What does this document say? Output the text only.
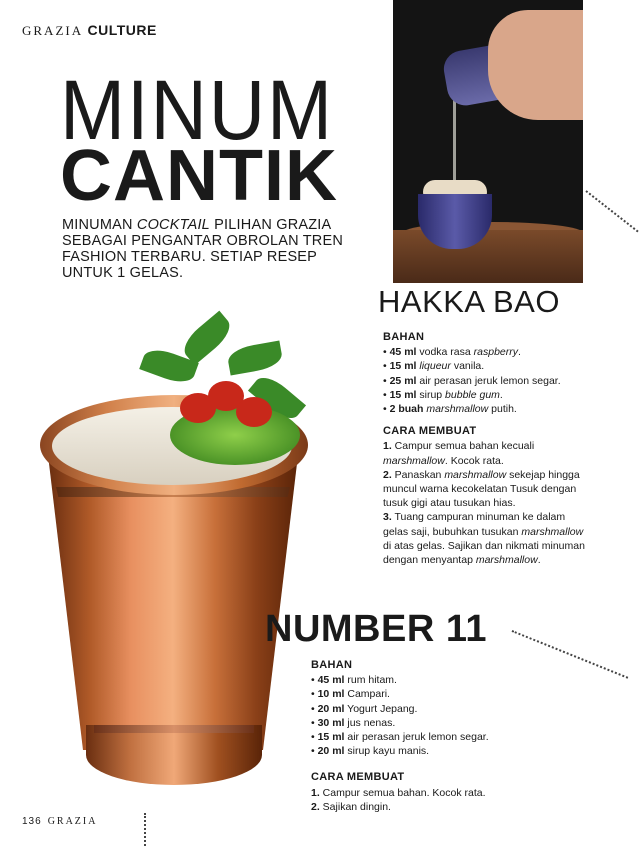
GRAZIA CULTURE
MINUM
CANTIK
MINUMAN COCKTAIL PILIHAN GRAZIA SEBAGAI PENGANTAR OBROLAN TREN FASHION TERBARU. SETIAP RESEP UNTUK 1 GELAS.
HAKKA BAO
BAHAN
• 45 ml vodka rasa raspberry.
• 15 ml liqueur vanila.
• 25 ml air perasan jeruk lemon segar.
• 15 ml sirup bubble gum.
• 2 buah marshmallow putih.
CARA MEMBUAT

1. Campur semua bahan kecuali marshmallow. Kocok rata.

2. Panaskan marshmallow sekejap hingga muncul warna kecokelatan Tusuk dengan tusuk gigi atau tusukan hias.

3. Tuang campuran minuman ke dalam gelas saji, bubuhkan tusukan marshmallow di atas gelas. Sajikan dan nikmati minuman dengan menyantap marshmallow.

NUMBER 11
BAHAN
• 45 ml rum hitam.
• 10 ml Campari.
• 20 ml Yogurt Jepang.
• 30 ml jus nenas.
• 15 ml air perasan jeruk lemon segar.
• 20 ml sirup kayu manis.
CARA MEMBUAT

1. Campur semua bahan. Kocok rata.

2. Sajikan dingin.

136 GRAZIA
